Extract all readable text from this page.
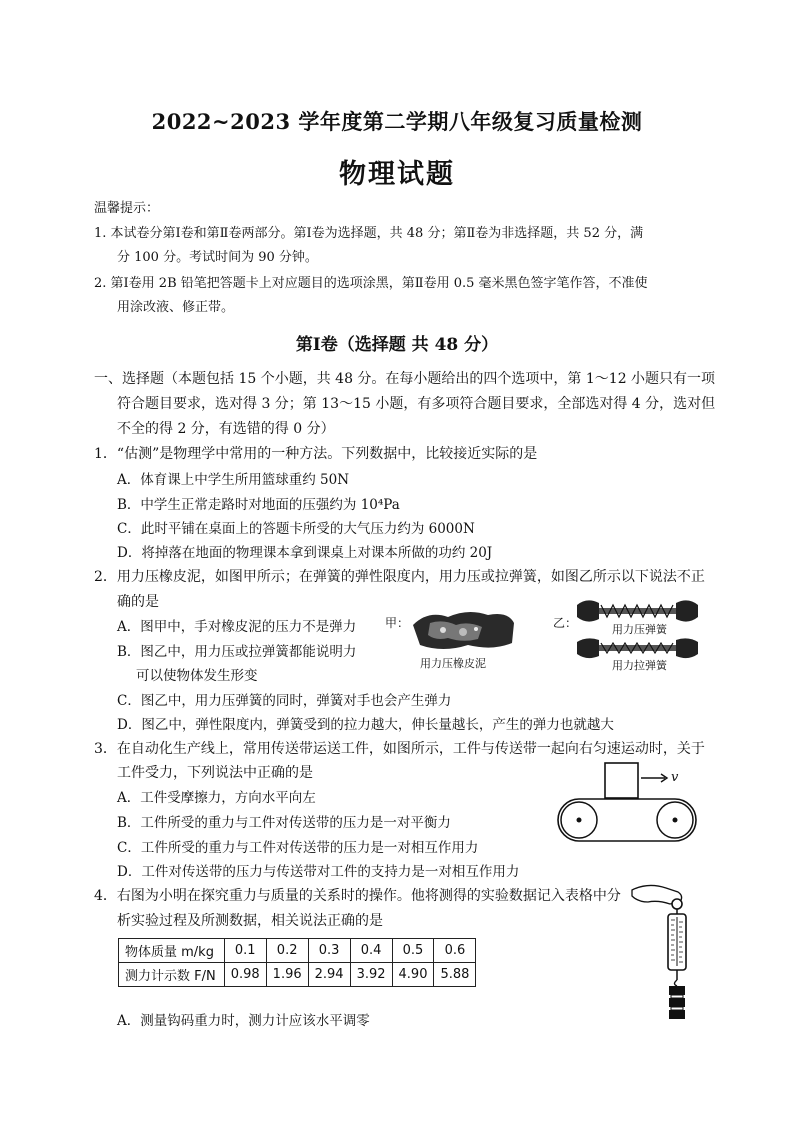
2022~2023 学年度第二学期八年级复习质量检测
物理试题
温馨提示：
1. 本试卷分第Ⅰ卷和第Ⅱ卷两部分。第Ⅰ卷为选择题，共 48 分；第Ⅱ卷为非选择题，共 52 分，满
分 100 分。考试时间为 90 分钟。
2. 第Ⅰ卷用 2B 铅笔把答题卡上对应题目的选项涂黑，第Ⅱ卷用 0.5 毫米黑色签字笔作答，不准使
用涂改液、修正带。
第Ⅰ卷（选择题 共 48 分）
一、选择题（本题包括 15 个小题，共 48 分。在每小题给出的四个选项中，第 1～12 小题只有一项
符合题目要求，选对得 3 分；第 13～15 小题，有多项符合题目要求，全部选对得 4 分，选对但
不全的得 2 分，有选错的得 0 分）
1．“估测”是物理学中常用的一种方法。下列数据中，比较接近实际的是
A．体育课上中学生所用篮球重约 50N
B．中学生正常走路时对地面的压强约为 10⁴Pa
C．此时平铺在桌面上的答题卡所受的大气压力约为 6000N
D．将掉落在地面的物理课本拿到课桌上对课本所做的功约 20J
2．用力压橡皮泥，如图甲所示；在弹簧的弹性限度内，用力压或拉弹簧，如图乙所示以下说法不正
确的是
A．图甲中，手对橡皮泥的压力不是弹力
B．图乙中，用力压或拉弹簧都能说明力
可以使物体发生形变
C．图乙中，用力压弹簧的同时，弹簧对手也会产生弹力
D．图乙中，弹性限度内，弹簧受到的拉力越大，伸长量越长，产生的弹力也就越大
甲：
用力压橡皮泥
乙：	用力压弹簧
用力拉弹簧
3．在自动化生产线上，常用传送带运送工件，如图所示，工件与传送带一起向右匀速运动时，关于
工件受力，下列说法中正确的是
A．工件受摩擦力，方向水平向左
B．工件所受的重力与工件对传送带的压力是一对平衡力
C．工件所受的重力与工件对传送带的压力是一对相互作用力
D．工件对传送带的压力与传送带对工件的支持力是一对相互作用力
v
4．右图为小明在探究重力与质量的关系时的操作。他将测得的实验数据记入表格中分
析实验过程及所测数据，相关说法正确的是
物体质量 m/kg	0.1	0.2	0.3	0.4	0.5	0.6
测力计示数 F/N	0.98	1.96	2.94	3.92	4.90	5.88
A．测量钩码重力时，测力计应该水平调零
